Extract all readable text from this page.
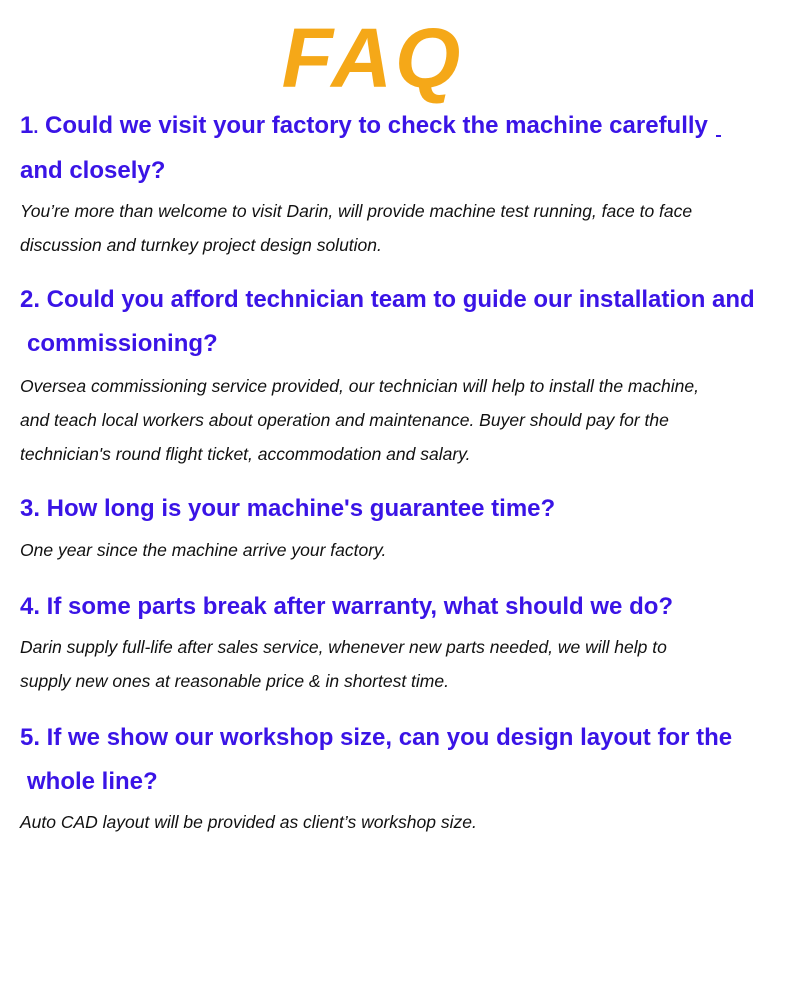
FAQ
1. Could we visit your factory to check the machine carefully
and closely?
You’re more than welcome to visit Darin, will provide machine test running, face to face
discussion and turnkey project design solution.
2. Could you afford technician team to guide our installation and
commissioning?
Oversea commissioning service provided, our technician will help to install the machine,
and teach local workers about operation and maintenance. Buyer should pay for the
technician's round flight ticket, accommodation and salary.
3. How long is your machine's guarantee time?
One year since the machine arrive your factory.
4. If some parts break after warranty, what should we do?
Darin supply full-life after sales service, whenever new parts needed, we will help to
supply new ones at reasonable price & in shortest time.
5. If we show our workshop size, can you design layout for the
whole line?
Auto CAD layout will be provided as client’s workshop size.
